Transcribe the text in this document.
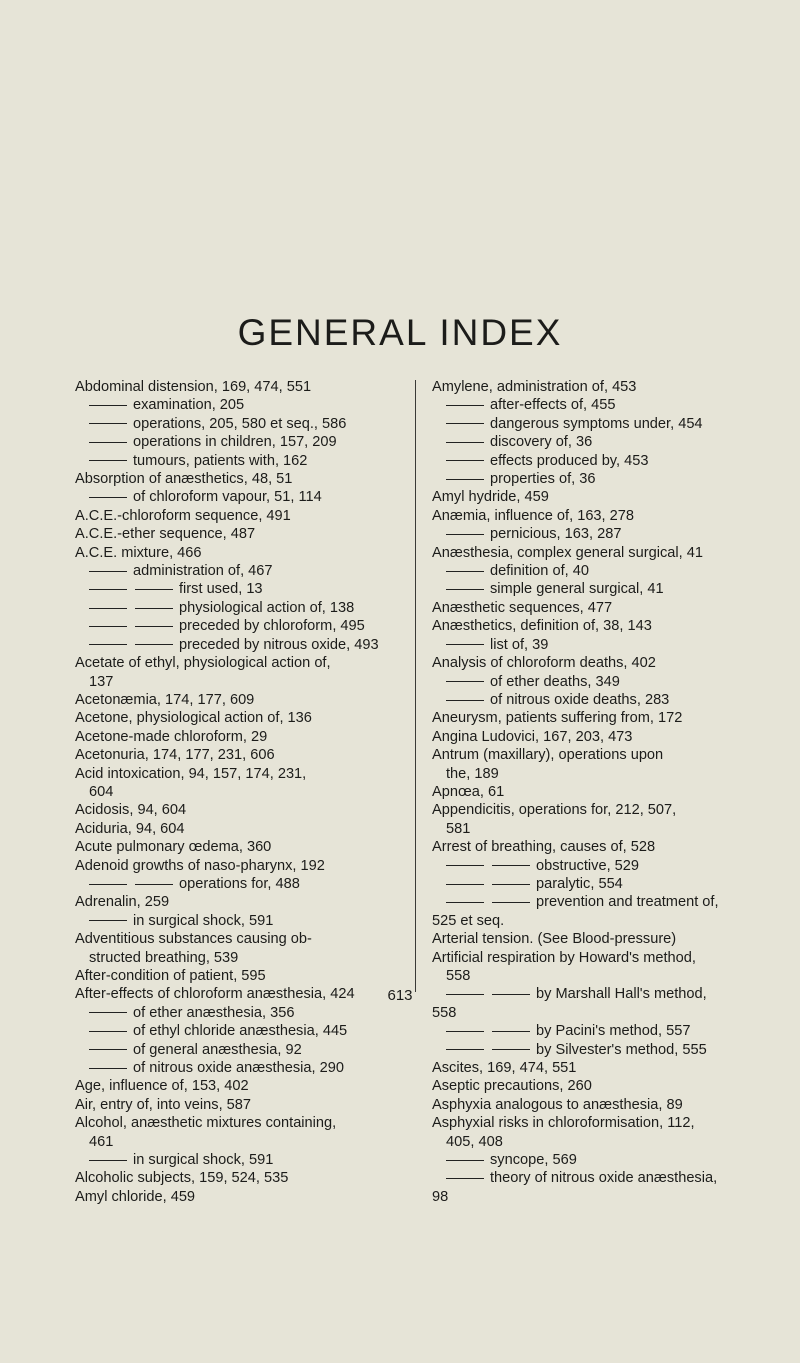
GENERAL INDEX
Abdominal distension, 169, 474, 551
examination, 205
operations, 205, 580 et seq., 586
operations in children, 157, 209
tumours, patients with, 162
Absorption of anæsthetics, 48, 51
of chloroform vapour, 51, 114
A.C.E.-chloroform sequence, 491
A.C.E.-ether sequence, 487
A.C.E. mixture, 466
administration of, 467
first used, 13
physiological action of, 138
preceded by chloroform, 495
preceded by nitrous oxide, 493
Acetate of ethyl, physiological action of,
137
Acetonæmia, 174, 177, 609
Acetone, physiological action of, 136
Acetone-made chloroform, 29
Acetonuria, 174, 177, 231, 606
Acid intoxication, 94, 157, 174, 231,
604
Acidosis, 94, 604
Aciduria, 94, 604
Acute pulmonary œdema, 360
Adenoid growths of naso-pharynx, 192
operations for, 488
Adrenalin, 259
in surgical shock, 591
Adventitious substances causing ob-
structed breathing, 539
After-condition of patient, 595
After-effects of chloroform anæsthesia, 424
of ether anæsthesia, 356
of ethyl chloride anæsthesia, 445
of general anæsthesia, 92
of nitrous oxide anæsthesia, 290
Age, influence of, 153, 402
Air, entry of, into veins, 587
Alcohol, anæsthetic mixtures containing,
461
in surgical shock, 591
Alcoholic subjects, 159, 524, 535
Amyl chloride, 459
Amylene, administration of, 453
after-effects of, 455
dangerous symptoms under, 454
discovery of, 36
effects produced by, 453
properties of, 36
Amyl hydride, 459
Anæmia, influence of, 163, 278
pernicious, 163, 287
Anæsthesia, complex general surgical, 41
definition of, 40
simple general surgical, 41
Anæsthetic sequences, 477
Anæsthetics, definition of, 38, 143
list of, 39
Analysis of chloroform deaths, 402
of ether deaths, 349
of nitrous oxide deaths, 283
Aneurysm, patients suffering from, 172
Angina Ludovici, 167, 203, 473
Antrum (maxillary), operations upon
the, 189
Apnœa, 61
Appendicitis, operations for, 212, 507,
581
Arrest of breathing, causes of, 528
obstructive, 529
paralytic, 554
prevention and treatment of,
525 et seq.
Arterial tension. (See Blood-pressure)
Artificial respiration by Howard's method,
558
by Marshall Hall's method,
558
by Pacini's method, 557
by Silvester's method, 555
Ascites, 169, 474, 551
Aseptic precautions, 260
Asphyxia analogous to anæsthesia, 89
Asphyxial risks in chloroformisation, 112,
405, 408
syncope, 569
theory of nitrous oxide anæsthesia,
98
613
